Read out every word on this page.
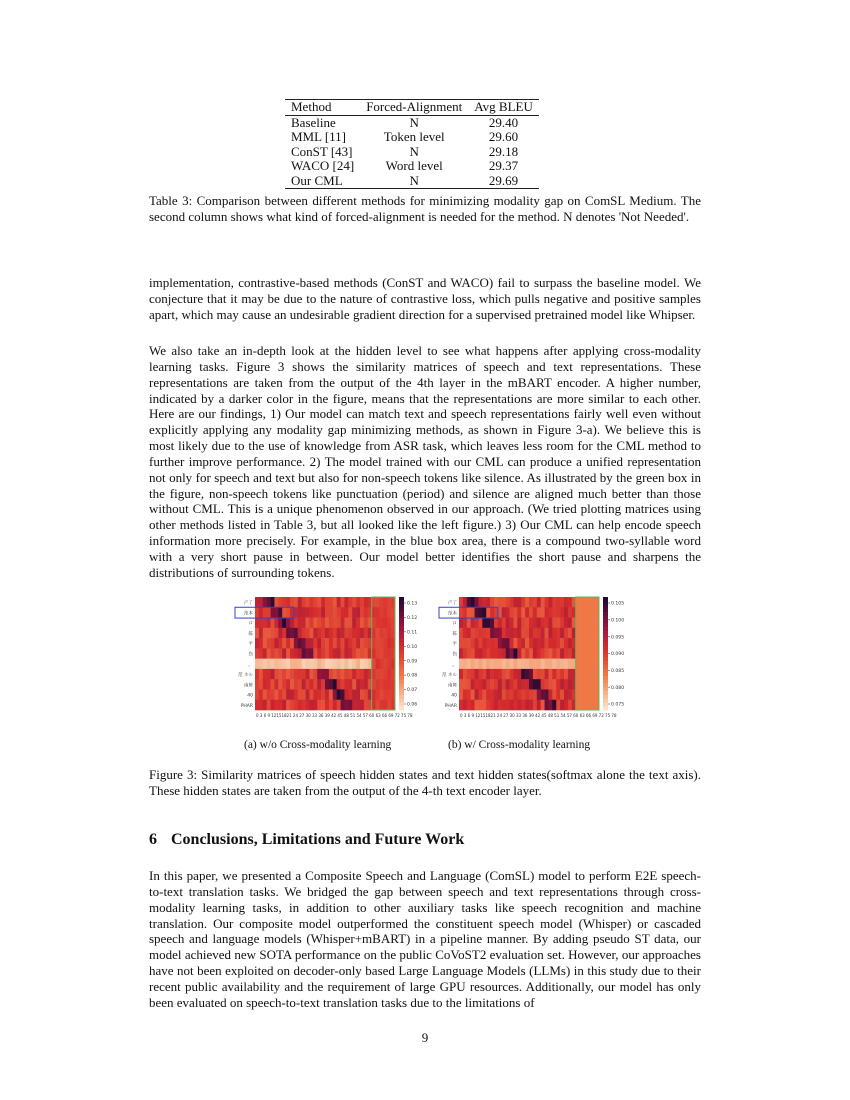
Method	Forced-Alignment	Avg BLEU
Baseline	N	29.40
MML [11]	Token level	29.60
ConST [43]	N	29.18
WACO [24]	Word level	29.37
Our CML	N	29.69
Table 3: Comparison between different methods for minimizing modality gap on ComSL Medium. The second column shows what kind of forced-alignment is needed for the method. N denotes 'Not Needed'.

implementation, contrastive-based methods (ConST and WACO) fail to surpass the baseline model. We conjecture that it may be due to the nature of contrastive loss, which pulls negative and positive samples apart, which may cause an undesirable gradient direction for a supervised pretrained model like Whipser.

We also take an in-depth look at the hidden level to see what happens after applying cross-modality learning tasks. Figure 3 shows the similarity matrices of speech and text representations. These representations are taken from the output of the 4th layer in the mBART encoder. A higher number, indicated by a darker color in the figure, means that the representations are more similar to each other. Here are our findings, 1) Our model can match text and speech representations fairly well even without explicitly applying any modality gap minimizing methods, as shown in Figure 3-a). We believe this is most likely due to the use of knowledge from ASR task, which leaves less room for the CML method to further improve performance. 2) The model trained with our CML can produce a unified representation not only for speech and text but also for non-speech tokens like silence. As illustrated by the green box in the figure, non-speech tokens like punctuation (period) and silence are aligned much better than those without CML. This is a unique phenomenon observed in our approach. (We tried plotting matrices using other methods listed in Table 3, but all looked like the left figure.) 3) Our CML can help encode speech information more precisely. For example, in the blue box area, there is a compound two-syllable word with a very short pause in between. Our model better identifies the short pause and sharpens the distributions of surrounding tokens.

产了
范本
ロ
陈
平
伤
。
范 ネル
南斑
40
PHAR
0 3 6 9 12151821 24 27 30 33 36 39 42 45 48 51 54 57 60 63 66 69 72 75 78
0.13
0.12
0.11
0.10
0.09
0.08
0.07
0.06
产了
范本
ロ
陈
平
伤
。
范 ネル
南斑
40
PHAR
0 3 6 9 12151821 24 27 30 33 36 39 42 45 48 51 54 57 60 63 66 69 72 75 78
0.105
0.100
0.095
0.090
0.085
0.080
0.075
(a) w/o Cross-modality learning	(b) w/ Cross-modality learning
Figure 3: Similarity matrices of speech hidden states and text hidden states(softmax alone the text axis). These hidden states are taken from the output of the 4-th text encoder layer.
6 Conclusions, Limitations and Future Work

In this paper, we presented a Composite Speech and Language (ComSL) model to perform E2E speech-to-text translation tasks. We bridged the gap between speech and text representations through cross-modality learning tasks, in addition to other auxiliary tasks like speech recognition and machine translation. Our composite model outperformed the constituent speech model (Whisper) or cascaded speech and language models (Whisper+mBART) in a pipeline manner. By adding pseudo ST data, our model achieved new SOTA performance on the public CoVoST2 evaluation set. However, our approaches have not been exploited on decoder-only based Large Language Models (LLMs) in this study due to their recent public availability and the requirement of large GPU resources. Additionally, our model has only been evaluated on speech-to-text translation tasks due to the limitations of

9
